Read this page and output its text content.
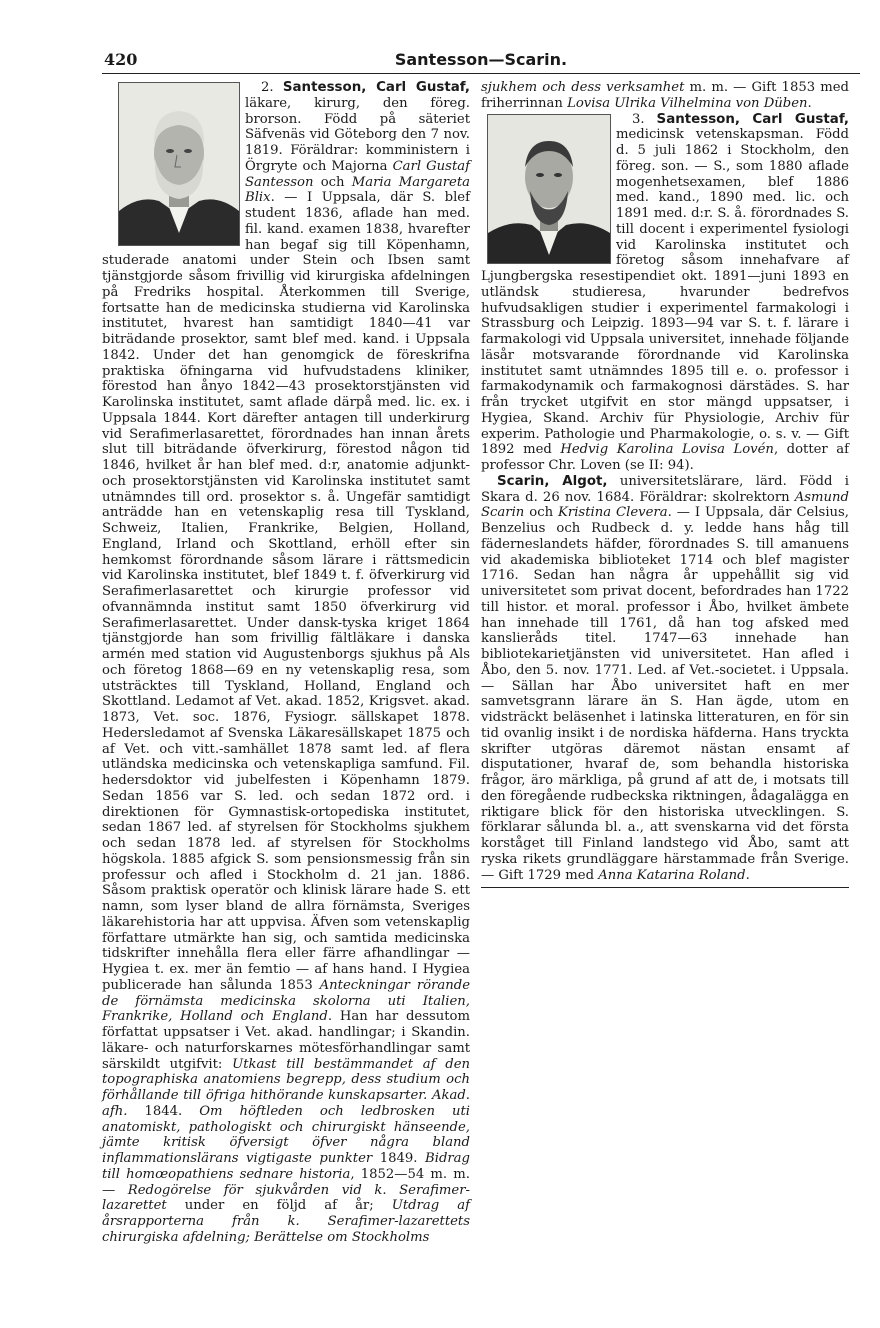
420	Santesson—Scarin.

2. Santesson, Carl Gustaf,
läkare, kirurg, den föreg. brorson. Född på säteriet Säfvenäs vid Göteborg den 7 nov. 1819. Föräldrar: komministern i Örgryte och Majorna Carl Gustaf Santesson och Maria Margareta Blix. — I Uppsala, där S. blef student 1836, aflade han med. fil. kand. examen 1838, hvarefter han begaf sig till Köpenhamn, studerade anatomi under Stein och Ibsen samt tjänstgjorde såsom frivillig vid kirurgiska afdelningen på Fredriks hospital. Återkommen till Sverige, fortsatte han de medicinska studierna vid Karolinska institutet, hvarest han samtidigt 1840—41 var biträdande prosektor, samt blef med. kand. i Uppsala 1842. Under det han genomgick de föreskrifna praktiska öfningarna vid hufvudstadens kliniker, förestod han ånyo 1842—43 prosektorstjänsten vid Karolinska institutet, samt aflade därpå med. lic. ex. i Uppsala 1844. Kort därefter antagen till underkirurg vid Serafimerlasarettet, förordnades han innan årets slut till biträdande öfverkirurg, förestod någon tid 1846, hvilket år han blef med. d:r, anatomie adjunkt- och prosektorstjänsten vid Karolinska institutet samt utnämndes till ord. prosektor s. å. Ungefär samtidigt anträdde han en vetenskaplig resa till Tyskland, Schweiz, Italien, Frankrike, Belgien, Holland, England, Irland och Skottland, erhöll efter sin hemkomst förordnande såsom lärare i rättsmedicin vid Karolinska institutet, blef 1849 t. f. öfverkirurg vid Serafimerlasarettet och kirurgie professor vid ofvannämnda institut samt 1850 öfverkirurg vid Serafimerlasarettet. Under dansk-tyska kriget 1864 tjänstgjorde han som frivillig fältläkare i danska armén med station vid Augustenborgs sjukhus på Als och företog 1868—69 en ny vetenskaplig resa, som utsträcktes till Tyskland, Holland, England och Skottland. Ledamot af Vet. akad. 1852, Krigsvet. akad. 1873, Vet. soc. 1876, Fysiogr. sällskapet 1878. Hedersledamot af Svenska Läkaresällskapet 1875 och af Vet. och vitt.-samhället 1878 samt led. af flera utländska medicinska och vetenskapliga samfund. Fil. hedersdoktor vid jubelfesten i Köpenhamn 1879. Sedan 1856 var S. led. och sedan 1872 ord. i direktionen för Gymnastisk-ortopediska institutet, sedan 1867 led. af styrelsen för Stockholms sjukhem och sedan 1878 led. af styrelsen för Stockholms högskola. 1885 afgick S. som pensionsmessig från sin professur och afled i Stockholm d. 21 jan. 1886. Såsom praktisk operatör och klinisk lärare hade S. ett namn, som lyser bland de allra förnämsta, Sveriges läkarehistoria har att uppvisa. Äfven som vetenskaplig författare utmärkte han sig, och samtida medicinska tidskrifter innehålla flera eller färre afhandlingar — Hygiea t. ex. mer än femtio — af hans hand. I Hygiea publicerade han sålunda 1853 Anteckningar rörande de förnämsta medicinska skolorna uti Italien, Frankrike, Holland och England. Han har dessutom författat uppsatser i Vet. akad. handlingar; i Skandin. läkare- och naturforskarnes mötesförhandlingar samt särskildt utgifvit: Utkast till bestämmandet af den topographiska anatomiens begrepp, dess studium och förhållande till öfriga hithörande kunskapsarter. Akad. afh. 1844. Om höftleden och ledbrosken uti anatomiskt, pathologiskt och chirurgiskt hänseende, jämte kritisk öfversigt öfver några bland inflammationslärans vigtigaste punkter 1849. Bidrag till homœopathiens sednare historia, 1852—54 m. m. — Redogörelse för sjukvården vid k. Serafimer-lazarettet under en följd af år; Utdrag af årsrapporterna från k. Serafimer-lazarettets chirurgiska afdelning; Berättelse om Stockholms

sjukhem och dess verksamhet m. m. — Gift 1853 med friherrinnan Lovisa Ulrika Vilhelmina von Düben.

3. Santesson, Carl Gustaf,
medicinsk vetenskapsman. Född d. 5 juli 1862 i Stockholm, den föreg. son. — S., som 1880 aflade mogenhetsexamen, blef 1886 med. kand., 1890 med. lic. och 1891 med. d:r. S. å. förordnades S. till docent i experimentel fysiologi vid Karolinska institutet och företog såsom innehafvare af Ljungbergska resestipendiet okt. 1891—juni 1893 en utländsk studieresa, hvarunder bedrefvos hufvudsakligen studier i experimentel farmakologi i Strassburg och Leipzig. 1893—94 var S. t. f. lärare i farmakologi vid Uppsala universitet, innehade följande läsår motsvarande förordnande vid Karolinska institutet samt utnämndes 1895 till e. o. professor i farmakodynamik och farmakognosi därstädes. S. har från trycket utgifvit en stor mängd uppsatser, i Hygiea, Skand. Archiv für Physiologie, Archiv für experim. Pathologie und Pharmakologie, o. s. v. — Gift 1892 med Hedvig Karolina Lovisa Lovén, dotter af professor Chr. Loven (se II: 94).

Scarin, Algot, universitetslärare, lärd. Född i Skara d. 26 nov. 1684. Föräldrar: skolrektorn Asmund Scarin och Kristina Clevera. — I Uppsala, där Celsius, Benzelius och Rudbeck d. y. ledde hans håg till fäderneslandets häfder, förordnades S. till amanuens vid akademiska biblioteket 1714 och blef magister 1716. Sedan han några år uppehållit sig vid universitetet som privat docent, befordrades han 1722 till histor. et moral. professor i Åbo, hvilket ämbete han innehade till 1761, då han tog afsked med kanslieråds titel. 1747—63 innehade han bibliotekarietjänsten vid universitetet. Han afled i Åbo, den 5. nov. 1771. Led. af Vet.-societet. i Uppsala. — Sällan har Åbo universitet haft en mer samvetsgrann lärare än S. Han ägde, utom en vidsträckt beläsenhet i latinska litteraturen, en för sin tid ovanlig insikt i de nordiska häfderna. Hans tryckta skrifter utgöras däremot nästan ensamt af disputationer, hvaraf de, som behandla historiska frågor, äro märkliga, på grund af att de, i motsats till den föregående rudbeckska riktningen, ådagalägga en riktigare blick för den historiska utvecklingen. S. förklarar sålunda bl. a., att svenskarna vid det första korståget till Finland landstego vid Åbo, samt att ryska rikets grundläggare härstammade från Sverige. — Gift 1729 med Anna Katarina Roland.
